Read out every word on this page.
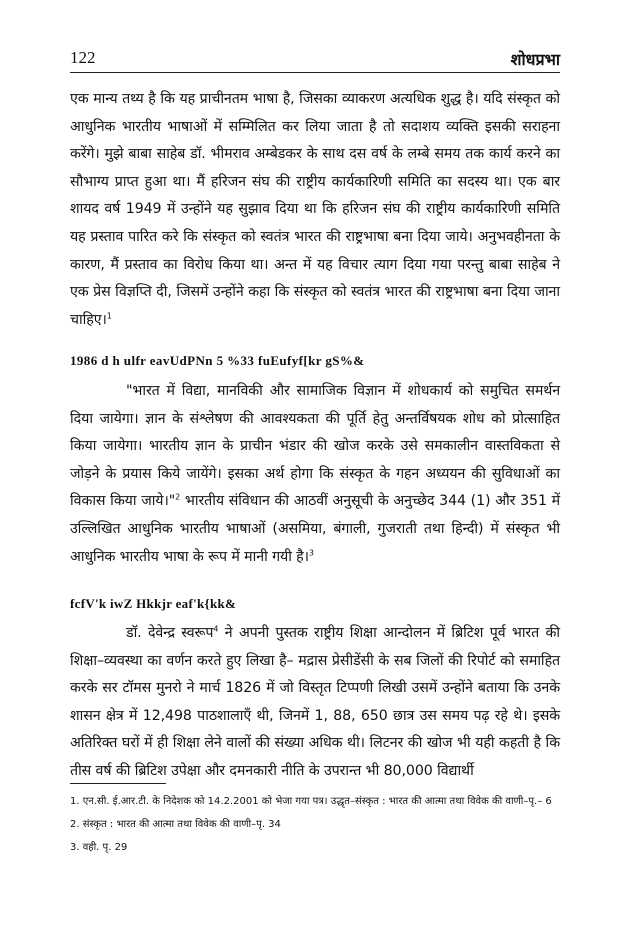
122	शोधप्रभा
एक मान्य तथ्य है कि यह प्राचीनतम भाषा है, जिसका व्याकरण अत्यधिक शुद्ध है। यदि संस्कृत को आधुनिक भारतीय भाषाओं में सम्मिलित कर लिया जाता है तो सदाशय व्यक्ति इसकी सराहना करेंगे। मुझे बाबा साहेब डॉ. भीमराव अम्बेडकर के साथ दस वर्ष के लम्बे समय तक कार्य करने का सौभाग्य प्राप्त हुआ था। मैं हरिजन संघ की राष्ट्रीय कार्यकारिणी समिति का सदस्य था। एक बार शायद वर्ष 1949 में उन्होंने यह सुझाव दिया था कि हरिजन संघ की राष्ट्रीय कार्यकारिणी समिति यह प्रस्ताव पारित करे कि संस्कृत को स्वतंत्र भारत की राष्ट्रभाषा बना दिया जाये। अनुभवहीनता के कारण, मैं प्रस्ताव का विरोध किया था। अन्त में यह विचार त्याग दिया गया परन्तु बाबा साहेब ने एक प्रेस विज्ञप्ति दी, जिसमें उन्होंने कहा कि संस्कृत को स्वतंत्र भारत की राष्ट्रभाषा बना दिया जाना चाहिए।$^1$
1986 d h ulfr eavUdPNn 5 %33 fuEufyf[kr gS%&
"भारत में विद्या, मानविकी और सामाजिक विज्ञान में शोधकार्य को समुचित समर्थन दिया जायेगा। ज्ञान के संश्लेषण की आवश्यकता की पूर्ति हेतु अन्तर्विषयक शोध को प्रोत्साहित किया जायेगा। भारतीय ज्ञान के प्राचीन भंडार की खोज करके उसे समकालीन वास्तविकता से जोड़ने के प्रयास किये जायेंगे। इसका अर्थ होगा कि संस्कृत के गहन अध्ययन की सुविधाओं का विकास किया जाये।"$^2$ भारतीय संविधान की आठवीं अनुसूची के अनुच्छेद 344 (1) और 351 में उल्लिखित आधुनिक भारतीय भाषाओं (असमिया, बंगाली, गुजराती तथा हिन्दी) में संस्कृत भी आधुनिक भारतीय भाषा के रूप में मानी गयी है।$^3$
fcfV'k iwZ Hkkjr eaf'k{kk&
डॉ. देवेन्द्र स्वरूप$^4$ ने अपनी पुस्तक राष्ट्रीय शिक्षा आन्दोलन में ब्रिटिश पूर्व भारत की शिक्षा–व्यवस्था का वर्णन करते हुए लिखा है– मद्रास प्रेसीडेंसी के सब जिलों की रिपोर्ट को समाहित करके सर टॉमस मुनरो ने मार्च 1826 में जो विस्तृत टिप्पणी लिखी उसमें उन्होंने बताया कि उनके शासन क्षेत्र में 12,498 पाठशालाएँ थी, जिनमें 1, 88, 650 छात्र उस समय पढ़ रहे थे। इसके अतिरिक्त घरों में ही शिक्षा लेने वालों की संख्या अधिक थी। लिटनर की खोज भी यही कहती है कि तीस वर्ष की ब्रिटिश उपेक्षा और दमनकारी नीति के उपरान्त भी 80,000 विद्यार्थी
1. एन.सी. ई.आर.टी. के निदेशक को 14.2.2001 को भेजा गया पत्र। उद्धृत–संस्कृत : भारत की आत्मा तथा विवेक की वाणी–पृ.– 6
2. संस्कृत : भारत की आत्मा तथा विवेक की वाणी–पृ. 34
3. वही. पृ. 29
